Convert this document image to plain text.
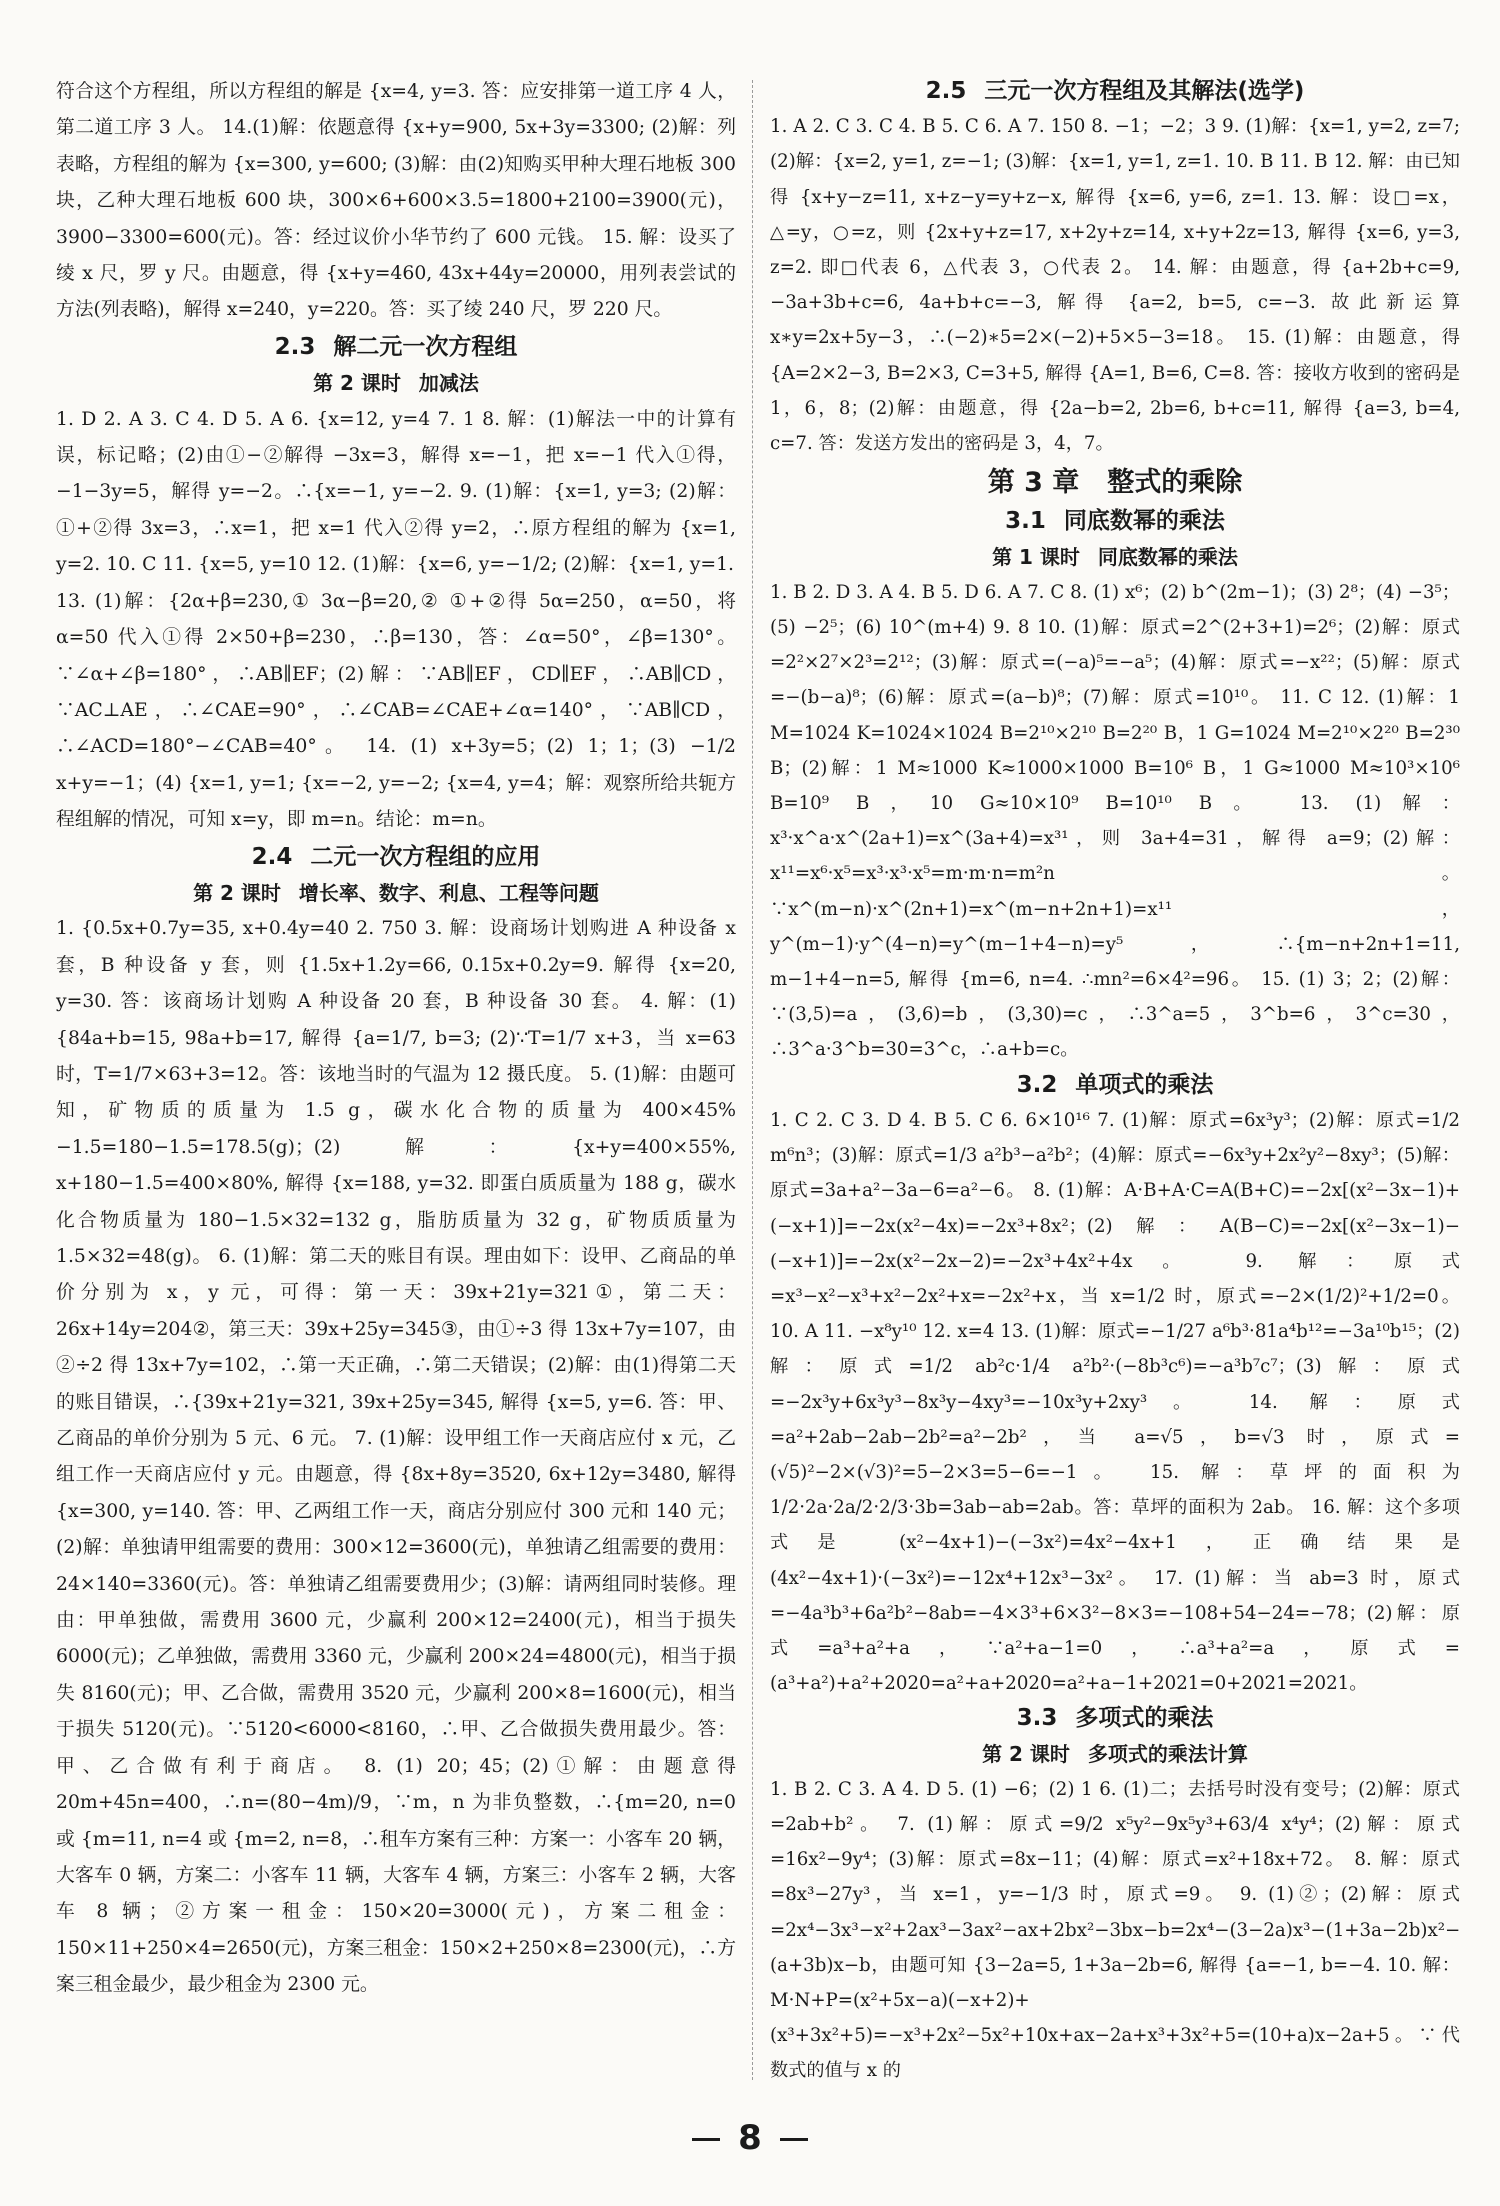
符合这个方程组，所以方程组的解是 {x=4, y=3. 答：应安排第一道工序 4 人，第二道工序 3 人。 14.(1)解：依题意得 {x+y=900, 5x+3y=3300; (2)解：列表略，方程组的解为 {x=300, y=600; (3)解：由(2)知购买甲种大理石地板 300 块，乙种大理石地板 600 块，300×6+600×3.5=1800+2100=3900(元)，3900−3300=600(元)。答：经过议价小华节约了 600 元钱。 15. 解：设买了绫 x 尺，罗 y 尺。由题意，得 {x+y=460, 43x+44y=20000，用列表尝试的方法(列表略)，解得 x=240，y=220。答：买了绫 240 尺，罗 220 尺。

2.3 解二元一次方程组
第 2 课时 加减法

1. D 2. A 3. C 4. D 5. A 6. {x=12, y=4 7. 1 8. 解：(1)解法一中的计算有误，标记略；(2)由①−②解得 −3x=3，解得 x=−1，把 x=−1 代入①得，−1−3y=5，解得 y=−2。∴{x=−1, y=−2. 9. (1)解：{x=1, y=3; (2)解：①+②得 3x=3，∴x=1，把 x=1 代入②得 y=2，∴原方程组的解为 {x=1, y=2. 10. C 11. {x=5, y=10 12. (1)解：{x=6, y=−1/2; (2)解：{x=1, y=1.

13. (1)解：{2α+β=230,① 3α−β=20,② ①+②得 5α=250，α=50，将 α=50 代入①得 2×50+β=230，∴β=130，答：∠α=50°，∠β=130°。∵∠α+∠β=180°，∴AB∥EF；(2)解：∵AB∥EF，CD∥EF，∴AB∥CD，∵AC⊥AE，∴∠CAE=90°，∴∠CAB=∠CAE+∠α=140°，∵AB∥CD，∴∠ACD=180°−∠CAB=40°。 14. (1) x+3y=5；(2) 1；1；(3) −1/2 x+y=−1；(4) {x=1, y=1; {x=−2, y=−2; {x=4, y=4；解：观察所给共轭方程组解的情况，可知 x=y，即 m=n。结论：m=n。

2.4 二元一次方程组的应用
第 2 课时 增长率、数字、利息、工程等问题

1. {0.5x+0.7y=35, x+0.4y=40 2. 750 3. 解：设商场计划购进 A 种设备 x 套，B 种设备 y 套，则 {1.5x+1.2y=66, 0.15x+0.2y=9. 解得 {x=20, y=30. 答：该商场计划购 A 种设备 20 套，B 种设备 30 套。 4. 解：(1) {84a+b=15, 98a+b=17, 解得 {a=1/7, b=3; (2)∵T=1/7 x+3，当 x=63 时，T=1/7×63+3=12。答：该地当时的气温为 12 摄氏度。 5. (1)解：由题可知，矿物质的质量为 1.5 g，碳水化合物的质量为 400×45%−1.5=180−1.5=178.5(g)；(2)解：{x+y=400×55%, x+180−1.5=400×80%, 解得 {x=188, y=32. 即蛋白质质量为 188 g，碳水化合物质量为 180−1.5×32=132 g，脂肪质量为 32 g，矿物质质量为 1.5×32=48(g)。 6. (1)解：第二天的账目有误。理由如下：设甲、乙商品的单价分别为 x，y 元，可得：第一天：39x+21y=321①，第二天：26x+14y=204②，第三天：39x+25y=345③，由①÷3 得 13x+7y=107，由②÷2 得 13x+7y=102，∴第一天正确，∴第二天错误；(2)解：由(1)得第二天的账目错误，∴{39x+21y=321, 39x+25y=345, 解得 {x=5, y=6. 答：甲、乙商品的单价分别为 5 元、6 元。 7. (1)解：设甲组工作一天商店应付 x 元，乙组工作一天商店应付 y 元。由题意，得 {8x+8y=3520, 6x+12y=3480, 解得 {x=300, y=140. 答：甲、乙两组工作一天，商店分别应付 300 元和 140 元；(2)解：单独请甲组需要的费用：300×12=3600(元)，单独请乙组需要的费用：24×140=3360(元)。答：单独请乙组需要费用少；(3)解：请两组同时装修。理由：甲单独做，需费用 3600 元，少赢利 200×12=2400(元)，相当于损失 6000(元)；乙单独做，需费用 3360 元，少赢利 200×24=4800(元)，相当于损失 8160(元)；甲、乙合做，需费用 3520 元，少赢利 200×8=1600(元)，相当于损失 5120(元)。∵5120<6000<8160，∴甲、乙合做损失费用最少。答：甲、乙合做有利于商店。 8. (1) 20；45；(2)①解：由题意得 20m+45n=400，∴n=(80−4m)/9，∵m，n 为非负整数，∴{m=20, n=0 或 {m=11, n=4 或 {m=2, n=8，∴租车方案有三种：方案一：小客车 20 辆，大客车 0 辆，方案二：小客车 11 辆，大客车 4 辆，方案三：小客车 2 辆，大客车 8 辆；②方案一租金：150×20=3000(元)，方案二租金：150×11+250×4=2650(元)，方案三租金：150×2+250×8=2300(元)，∴方案三租金最少，最少租金为 2300 元。

2.5 三元一次方程组及其解法(选学)

1. A 2. C 3. C 4. B 5. C 6. A 7. 150 8. −1；−2；3 9. (1)解：{x=1, y=2, z=7; (2)解：{x=2, y=1, z=−1; (3)解：{x=1, y=1, z=1. 10. B 11. B 12. 解：由已知得 {x+y−z=11, x+z−y=y+z−x, 解得 {x=6, y=6, z=1. 13. 解：设□=x，△=y，○=z，则 {2x+y+z=17, x+2y+z=14, x+y+2z=13, 解得 {x=6, y=3, z=2. 即□代表 6，△代表 3，○代表 2。 14. 解：由题意，得 {a+2b+c=9, −3a+3b+c=6, 4a+b+c=−3, 解得 {a=2, b=5, c=−3. 故此新运算 x∗y=2x+5y−3，∴(−2)∗5=2×(−2)+5×5−3=18。 15. (1)解：由题意，得 {A=2×2−3, B=2×3, C=3+5, 解得 {A=1, B=6, C=8. 答：接收方收到的密码是 1，6，8；(2)解：由题意，得 {2a−b=2, 2b=6, b+c=11, 解得 {a=3, b=4, c=7. 答：发送方发出的密码是 3，4，7。

第 3 章 整式的乘除
3.1 同底数幂的乘法
第 1 课时 同底数幂的乘法

1. B 2. D 3. A 4. B 5. D 6. A 7. C 8. (1) x⁶；(2) b^(2m−1)；(3) 2⁸；(4) −3⁵；(5) −2⁵；(6) 10^(m+4) 9. 8 10. (1)解：原式=2^(2+3+1)=2⁶；(2)解：原式=2²×2⁷×2³=2¹²；(3)解：原式=(−a)⁵=−a⁵；(4)解：原式=−x²²；(5)解：原式=−(b−a)⁸；(6)解：原式=(a−b)⁸；(7)解：原式=10¹⁰。 11. C 12. (1)解：1 M=1024 K=1024×1024 B=2¹⁰×2¹⁰ B=2²⁰ B，1 G=1024 M=2¹⁰×2²⁰ B=2³⁰ B；(2)解：1 M≈1000 K≈1000×1000 B=10⁶ B，1 G≈1000 M≈10³×10⁶ B=10⁹ B，10 G≈10×10⁹ B=10¹⁰ B。 13. (1)解：x³·x^a·x^(2a+1)=x^(3a+4)=x³¹，则 3a+4=31，解得 a=9；(2)解：x¹¹=x⁶·x⁵=x³·x³·x⁵=m·m·n=m²n。∵x^(m−n)·x^(2n+1)=x^(m−n+2n+1)=x¹¹，y^(m−1)·y^(4−n)=y^(m−1+4−n)=y⁵，∴{m−n+2n+1=11, m−1+4−n=5, 解得 {m=6, n=4. ∴mn²=6×4²=96。 15. (1) 3；2；(2)解：∵(3,5)=a，(3,6)=b，(3,30)=c，∴3^a=5，3^b=6，3^c=30，∴3^a·3^b=30=3^c，∴a+b=c。

3.2 单项式的乘法

1. C 2. C 3. D 4. B 5. C 6. 6×10¹⁶ 7. (1)解：原式=6x³y³；(2)解：原式=1/2 m⁶n³；(3)解：原式=1/3 a²b³−a²b²；(4)解：原式=−6x³y+2x²y²−8xy³；(5)解：原式=3a+a²−3a−6=a²−6。 8. (1)解：A·B+A·C=A(B+C)=−2x[(x²−3x−1)+(−x+1)]=−2x(x²−4x)=−2x³+8x²；(2)解：A(B−C)=−2x[(x²−3x−1)−(−x+1)]=−2x(x²−2x−2)=−2x³+4x²+4x。 9. 解：原式=x³−x²−x³+x²−2x²+x=−2x²+x，当 x=1/2 时，原式=−2×(1/2)²+1/2=0。 10. A 11. −x⁸y¹⁰ 12. x=4 13. (1)解：原式=−1/27 a⁶b³·81a⁴b¹²=−3a¹⁰b¹⁵；(2)解：原式=1/2 ab²c·1/4 a²b²·(−8b³c⁶)=−a³b⁷c⁷；(3)解：原式=−2x³y+6x³y³−8x³y−4xy³=−10x³y+2xy³。 14. 解：原式=a²+2ab−2ab−2b²=a²−2b²，当 a=√5，b=√3 时，原式=(√5)²−2×(√3)²=5−2×3=5−6=−1。 15. 解：草坪的面积为 1/2·2a·2a/2·2/3·3b=3ab−ab=2ab。答：草坪的面积为 2ab。 16. 解：这个多项式是 (x²−4x+1)−(−3x²)=4x²−4x+1，正确结果是 (4x²−4x+1)·(−3x²)=−12x⁴+12x³−3x²。 17. (1)解：当 ab=3 时，原式=−4a³b³+6a²b²−8ab=−4×3³+6×3²−8×3=−108+54−24=−78；(2)解：原式=a³+a²+a，∵a²+a−1=0，∴a³+a²=a，原式=(a³+a²)+a²+2020=a²+a+2020=a²+a−1+2021=0+2021=2021。

3.3 多项式的乘法
第 2 课时 多项式的乘法计算

1. B 2. C 3. A 4. D 5. (1) −6；(2) 1 6. (1)二；去括号时没有变号；(2)解：原式=2ab+b²。 7. (1)解：原式=9/2 x⁵y²−9x⁵y³+63/4 x⁴y⁴；(2)解：原式=16x²−9y⁴；(3)解：原式=8x−11；(4)解：原式=x²+18x+72。 8. 解：原式=8x³−27y³，当 x=1，y=−1/3 时，原式=9。 9. (1)②；(2)解：原式=2x⁴−3x³−x²+2ax³−3ax²−ax+2bx²−3bx−b=2x⁴−(3−2a)x³−(1+3a−2b)x²−(a+3b)x−b，由题可知 {3−2a=5, 1+3a−2b=6, 解得 {a=−1, b=−4. 10. 解：M·N+P=(x²+5x−a)(−x+2)+(x³+3x²+5)=−x³+2x²−5x²+10x+ax−2a+x³+3x²+5=(10+a)x−2a+5。∵代数式的值与 x 的

8
